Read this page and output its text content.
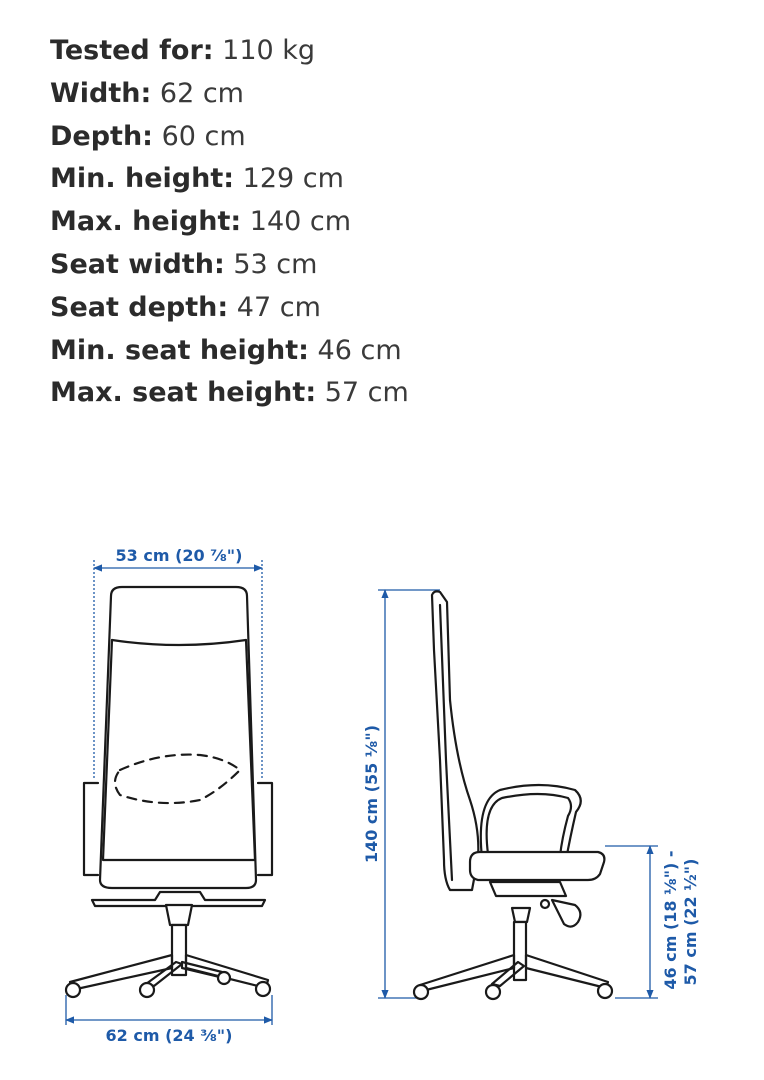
Tested for: 110 kg
Width: 62 cm
Depth: 60 cm
Min. height: 129 cm
Max. height: 140 cm
Seat width: 53 cm
Seat depth: 47 cm
Min. seat height: 46 cm
Max. seat height: 57 cm
53 cm (20 ⅞")
62 cm (24 ⅜")
140 cm (55 ⅛")
46 cm (18 ⅛") - 57 cm (22 ½")
